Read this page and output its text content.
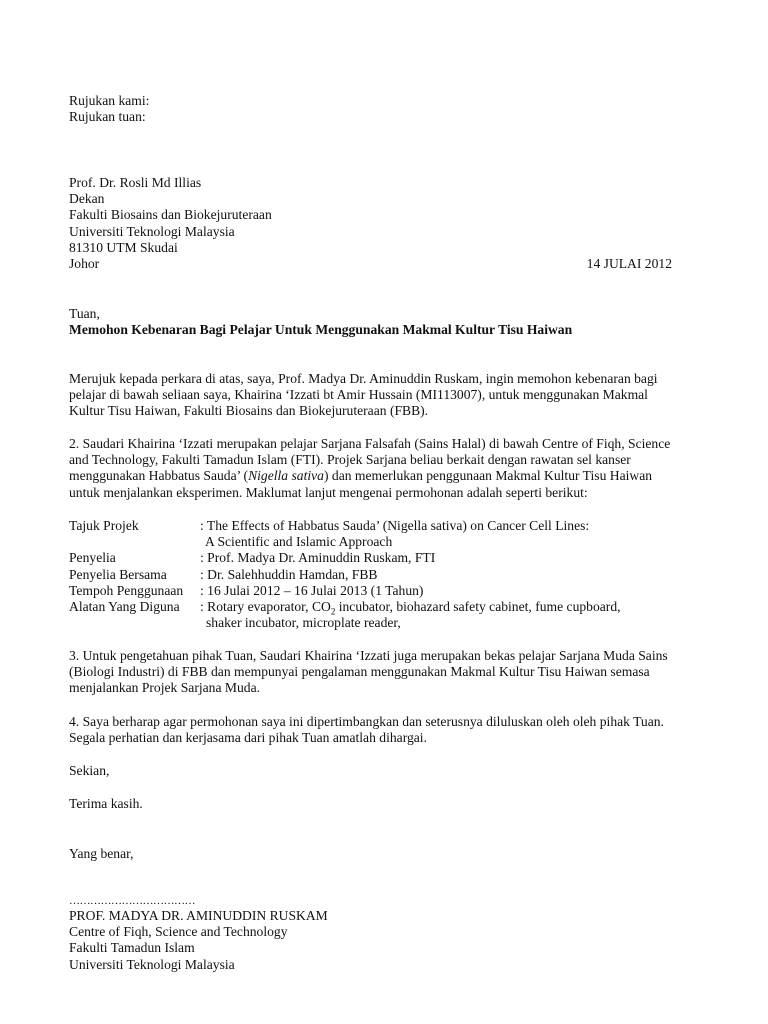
Rujukan kami:
Rujukan tuan:
Prof. Dr. Rosli Md Illias
Dekan
Fakulti Biosains dan Biokejuruteraan
Universiti Teknologi Malaysia
81310 UTM Skudai
Johor	14 JULAI 2012
Tuan,
Memohon Kebenaran Bagi Pelajar Untuk Menggunakan Makmal Kultur Tisu Haiwan
Merujuk kepada perkara di atas, saya, Prof. Madya Dr. Aminuddin Ruskam, ingin memohon kebenaran bagi
pelajar di bawah seliaan saya, Khairina ‘Izzati bt Amir Hussain (MI113007), untuk menggunakan Makmal
Kultur Tisu Haiwan, Fakulti Biosains dan Biokejuruteraan (FBB).
2. Saudari Khairina ‘Izzati merupakan pelajar Sarjana Falsafah (Sains Halal) di bawah Centre of Fiqh, Science
and Technology, Fakulti Tamadun Islam (FTI). Projek Sarjana beliau berkait dengan rawatan sel kanser
menggunakan Habbatus Sauda’ (Nigella sativa) dan memerlukan penggunaan Makmal Kultur Tisu Haiwan
untuk menjalankan eksperimen. Maklumat lanjut mengenai permohonan adalah seperti berikut:
Tajuk Projek	: The Effects of Habbatus Sauda’ (Nigella sativa) on Cancer Cell Lines:
A Scientific and Islamic Approach
Penyelia	: Prof. Madya Dr. Aminuddin Ruskam, FTI
Penyelia Bersama	: Dr. Salehhuddin Hamdan, FBB
Tempoh Penggunaan	: 16 Julai 2012 – 16 Julai 2013 (1 Tahun)
Alatan Yang Diguna	: Rotary evaporator, $CO_2$ incubator, biohazard safety cabinet, fume cupboard,
shaker incubator, microplate reader,
3. Untuk pengetahuan pihak Tuan, Saudari Khairina ‘Izzati juga merupakan bekas pelajar Sarjana Muda Sains
(Biologi Industri) di FBB dan mempunyai pengalaman menggunakan Makmal Kultur Tisu Haiwan semasa
menjalankan Projek Sarjana Muda.
4. Saya berharap agar permohonan saya ini dipertimbangkan dan seterusnya diluluskan oleh oleh pihak Tuan.
Segala perhatian dan kerjasama dari pihak Tuan amatlah dihargai.
Sekian,
Terima kasih.
Yang benar,
………………………………
PROF. MADYA DR. AMINUDDIN RUSKAM
Centre of Fiqh, Science and Technology
Fakulti Tamadun Islam
Universiti Teknologi Malaysia
